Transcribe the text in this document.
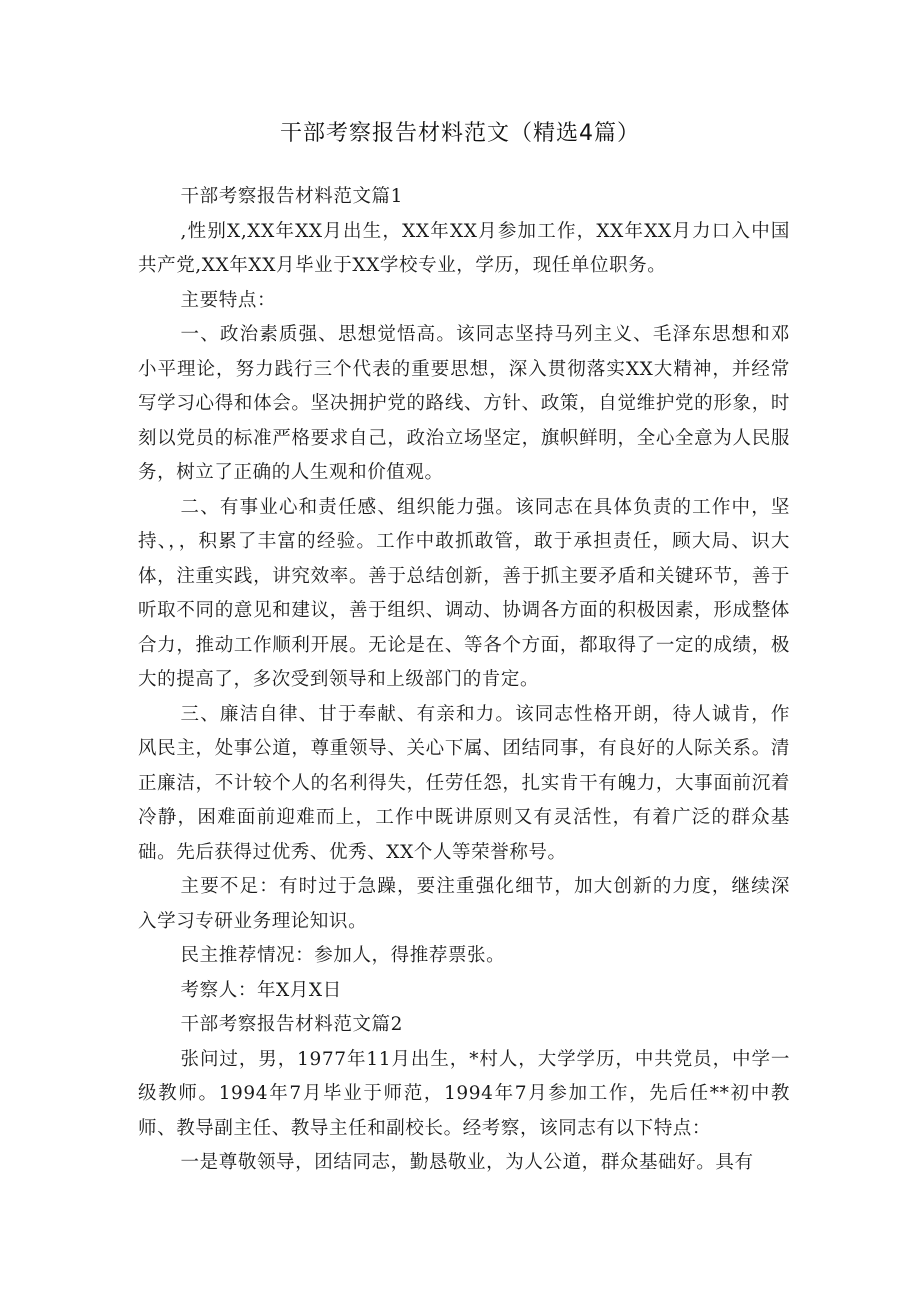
干部考察报告材料范文（精选4篇）

干部考察报告材料范文篇1

,性别X,XX年XX月出生，XX年XX月参加工作，XX年XX月力口入中国共产党,XX年XX月毕业于XX学校专业，学历，现任单位职务。

主要特点：

一、政治素质强、思想觉悟高。该同志坚持马列主义、毛泽东思想和邓小平理论，努力践行三个代表的重要思想，深入贯彻落实XX大精神，并经常写学习心得和体会。坚决拥护党的路线、方针、政策，自觉维护党的形象，时刻以党员的标准严格要求自己，政治立场坚定，旗帜鲜明，全心全意为人民服务，树立了正确的人生观和价值观。

二、有事业心和责任感、组织能力强。该同志在具体负责的工作中，坚持、，，积累了丰富的经验。工作中敢抓敢管，敢于承担责任，顾大局、识大体，注重实践，讲究效率。善于总结创新，善于抓主要矛盾和关键环节，善于听取不同的意见和建议，善于组织、调动、协调各方面的积极因素，形成整体合力，推动工作顺利开展。无论是在、等各个方面，都取得了一定的成绩，极大的提高了，多次受到领导和上级部门的肯定。

三、廉洁自律、甘于奉献、有亲和力。该同志性格开朗，待人诚肯，作风民主，处事公道，尊重领导、关心下属、团结同事，有良好的人际关系。清正廉洁，不计较个人的名利得失，任劳任怨，扎实肯干有魄力，大事面前沉着冷静，困难面前迎难而上，工作中既讲原则又有灵活性，有着广泛的群众基础。先后获得过优秀、优秀、XX个人等荣誉称号。

主要不足：有时过于急躁，要注重强化细节，加大创新的力度，继续深入学习专研业务理论知识。

民主推荐情况：参加人，得推荐票张。

考察人：年X月X日

干部考察报告材料范文篇2

张问过，男，1977年11月出生，*村人，大学学历，中共党员，中学一级教师。1994年7月毕业于师范，1994年7月参加工作，先后任**初中教师、教导副主任、教导主任和副校长。经考察，该同志有以下特点：

一是尊敬领导，团结同志，勤恳敬业，为人公道，群众基础好。具有
